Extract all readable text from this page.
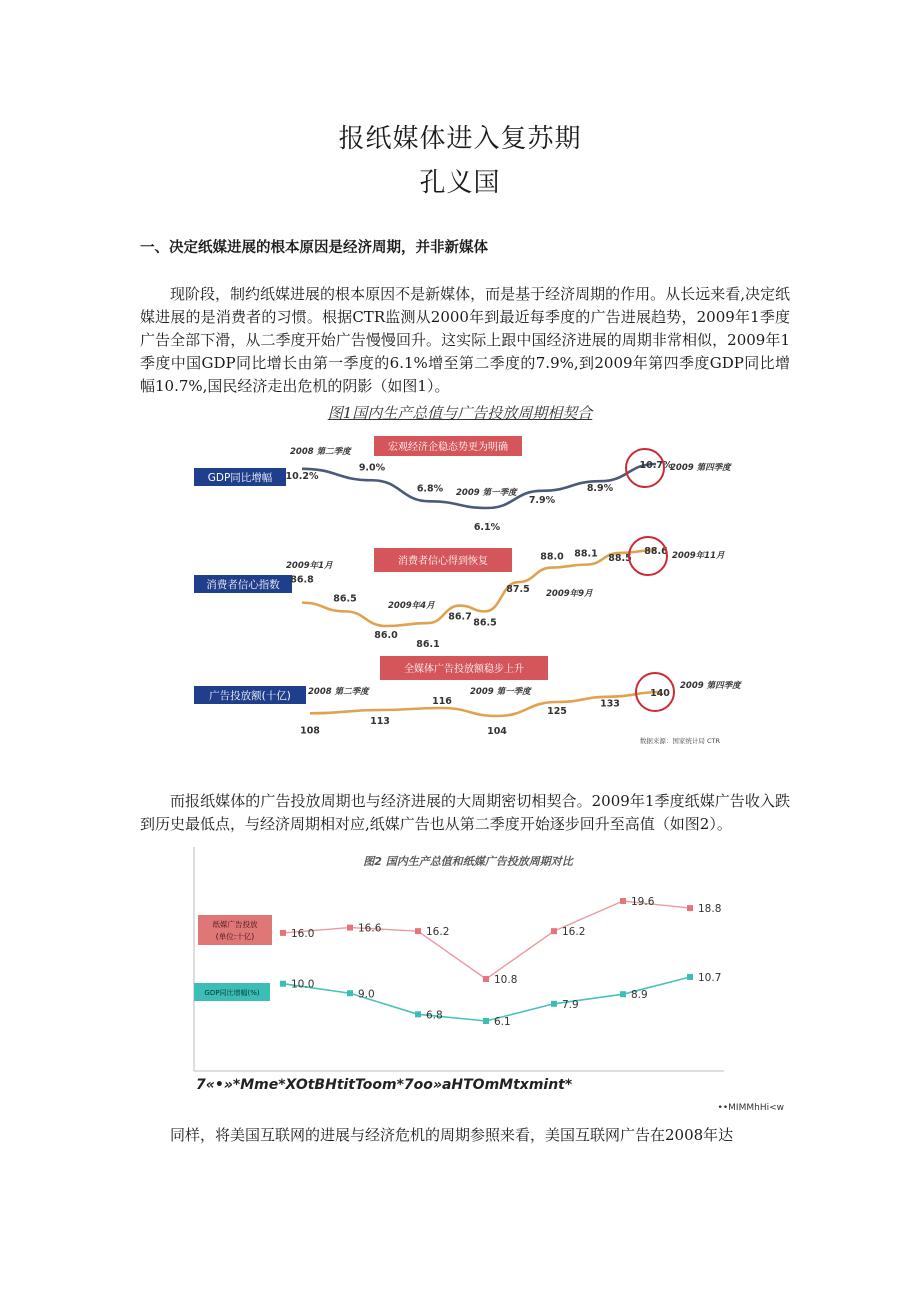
报纸媒体进入复苏期
孔义国
一、决定纸媒进展的根本原因是经济周期，并非新媒体
现阶段，制约纸媒进展的根本原因不是新媒体，而是基于经济周期的作用。从长远来看,决定纸媒进展的是消费者的习惯。根据CTR监测从2000年到最近每季度的广告进展趋势，2009年1季度广告全部下滑，从二季度开始广告慢慢回升。这实际上跟中国经济进展的周期非常相似，2009年1季度中国GDP同比增长由第一季度的6.1%增至第二季度的7.9%,到2009年第四季度GDP同比增幅10.7%,国民经济走出危机的阴影（如图1）。
图1国内生产总值与广告投放周期相契合
GDP同比增幅
宏观经济企稳态势更为明确
10.2%
9.0%
6.8%
6.1%
7.9%
8.9%
10.7%
2008 第二季度
2009 第一季度
2009 第四季度
消费者信心指数
消费者信心得到恢复
86.8
86.5
86.0
86.1
86.7
86.5
87.5
88.0 88.1 88.5
88.6
2009年1月
2009年4月
2009年9月
2009年11月
广告投放额(十亿)
全媒体广告投放额稳步上升
108
113
116
104
125
133
140
2008 第二季度	2009 第一季度
2009 第四季度
数据来源：国家统计局 CTR
而报纸媒体的广告投放周期也与经济进展的大周期密切相契合。2009年1季度纸媒广告收入跌到历史最低点，与经济周期相对应,纸媒广告也从第二季度开始逐步回升至高值（如图2）。
图2 国内生产总值和纸媒广告投放周期对比
纸媒广告投放
(单位:十亿)
GDP同比增幅(%)
16.0	16.6	16.2
10.8
16.2
19.6
18.8
10.0
9.0
6.8
6.1
7.9
8.9
10.7
7«•»*Mme*XOtBHtitToom*7oo»aHTOmMtxmint*
••MIMMhHi<w
同样，将美国互联网的进展与经济危机的周期参照来看，美国互联网广告在2008年达
